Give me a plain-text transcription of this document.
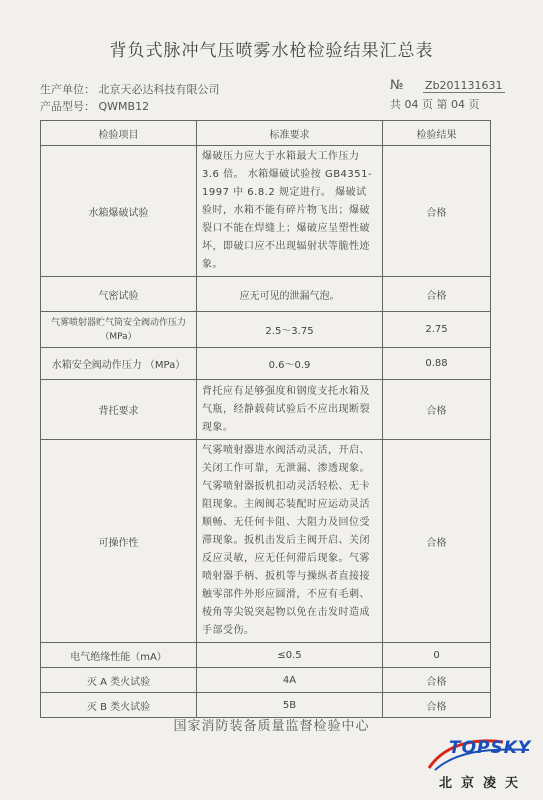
背负式脉冲气压喷雾水枪检验结果汇总表
生产单位： 北京天必达科技有限公司
产品型号： QWMB12
№ Zb201131631
共 04 页 第 04 页
检验项目	标准要求	检验结果
水箱爆破试验	爆破压力应大于水箱最大工作压力 3.6 倍。 水箱爆破试验按 GB4351-1997 中 6.8.2 规定进行。 爆破试验时，水箱不能有碎片物飞出；爆破裂口不能在焊缝上；爆破应呈塑性破坏，即破口应不出现辐射状等脆性迹象。	合格
气密试验	应无可见的泄漏气泡。	合格
气雾喷射器贮气筒安全阀动作压力（MPa）	2.5～3.75	2.75
水箱安全阀动作压力 （MPa）	0.6～0.9	0.88
背托要求	背托应有足够强度和钢度支托水箱及气瓶，经静载荷试验后不应出现断裂现象。	合格
可操作性	气雾喷射器进水阀活动灵活，开启、关闭工作可靠，无泄漏、渗透现象。气雾喷射器扳机扣动灵活轻松、无卡阻现象。主阀阀芯装配时应运动灵活顺畅、无任何卡阻、大阻力及回位受滞现象。扳机击发后主阀开启、关闭反应灵敏，应无任何滞后现象。气雾喷射器手柄、扳机等与操纵者直接接触零部件外形应圆滑，不应有毛刺、棱角等尖锐突起物以免在击发时造成手部受伤。	合格
电气绝缘性能（mA）	≤0.5	0
灭 A 类火试验	4A	合格
灭 B 类火试验	5B	合格
国家消防装备质量监督检验中心
TOPSKY
北京凌天
